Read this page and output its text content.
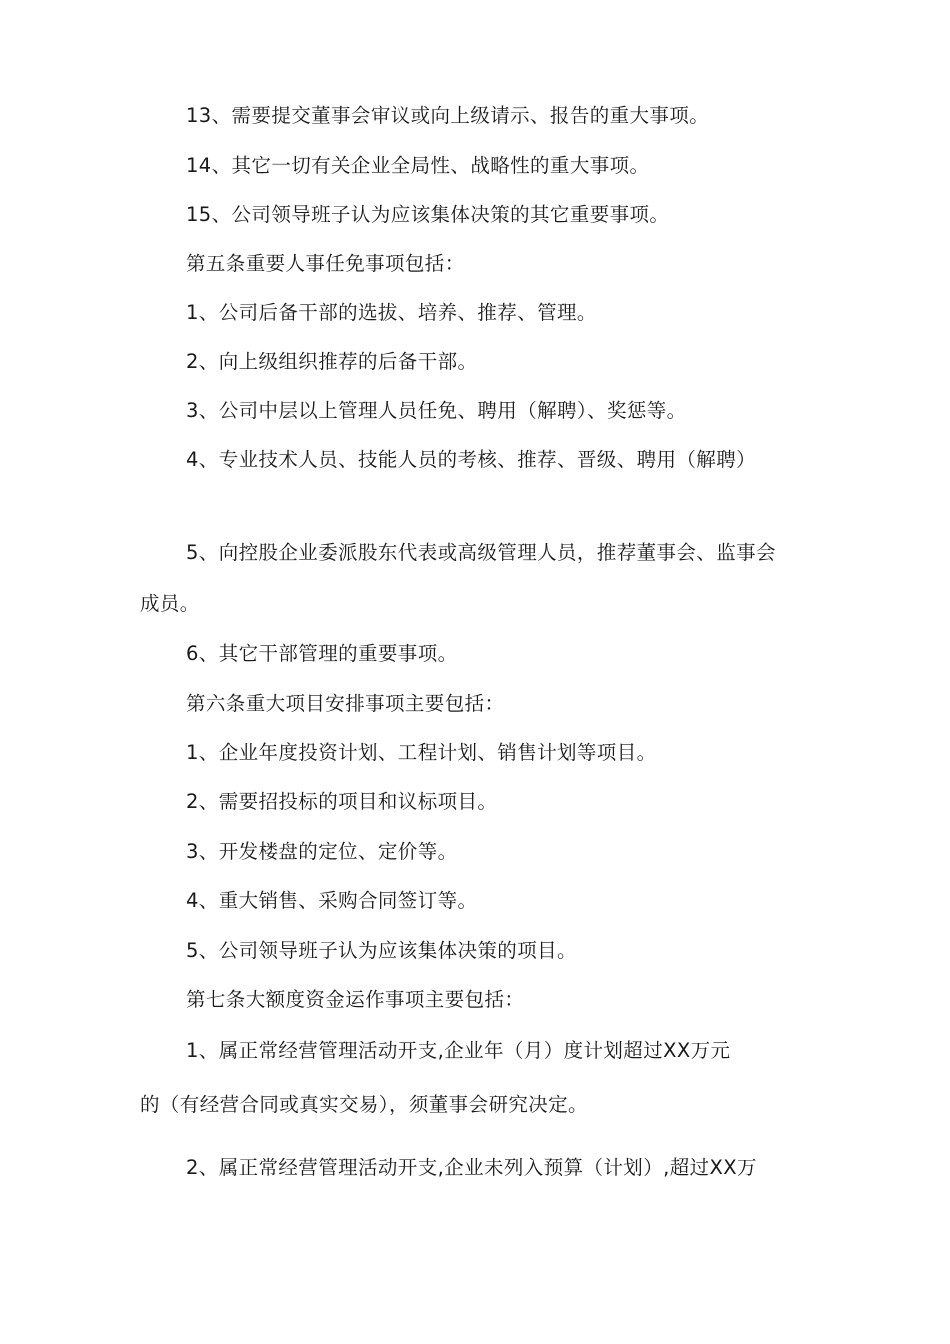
13、需要提交董事会审议或向上级请示、报告的重大事项。
14、其它一切有关企业全局性、战略性的重大事项。
15、公司领导班子认为应该集体决策的其它重要事项。
第五条重要人事任免事项包括：
1、公司后备干部的选拔、培养、推荐、管理。
2、向上级组织推荐的后备干部。
3、公司中层以上管理人员任免、聘用（解聘）、奖惩等。
4、专业技术人员、技能人员的考核、推荐、晋级、聘用（解聘）
5、向控股企业委派股东代表或高级管理人员，推荐董事会、监事会
成员。
6、其它干部管理的重要事项。
第六条重大项目安排事项主要包括：
1、企业年度投资计划、工程计划、销售计划等项目。
2、需要招投标的项目和议标项目。
3、开发楼盘的定位、定价等。
4、重大销售、采购合同签订等。
5、公司领导班子认为应该集体决策的项目。
第七条大额度资金运作事项主要包括：
1、属正常经营管理活动开支,企业年（月）度计划超过XX万元
的（有经营合同或真实交易），须董事会研究决定。
2、属正常经营管理活动开支,企业未列入预算（计划）,超过XX万
